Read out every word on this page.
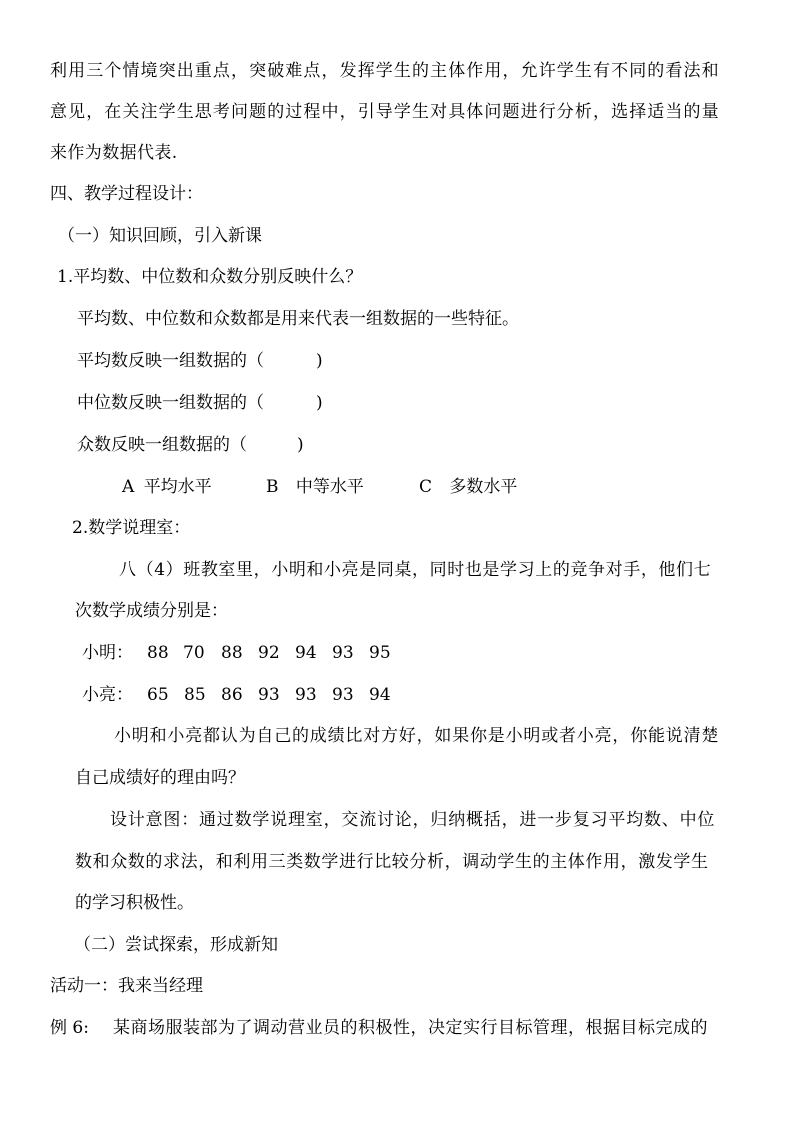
利用三个情境突出重点，突破难点，发挥学生的主体作用，允许学生有不同的看法和
意见，在关注学生思考问题的过程中，引导学生对具体问题进行分析，选择适当的量
来作为数据代表.
四、教学过程设计：
（一）知识回顾，引入新课
1.平均数、中位数和众数分别反映什么？
平均数、中位数和众数都是用来代表一组数据的一些特征。
平均数反映一组数据的（	)
中位数反映一组数据的（	)
众数反映一组数据的（	)
A 平均水平	B 中等水平	C 多数水平
2.数学说理室：
八（4）班教室里，小明和小亮是同桌，同时也是学习上的竞争对手，他们七
次数学成绩分别是：
小明： 88 70 88 92 94 93 95
小亮： 65 85 86 93 93 93 94
小明和小亮都认为自己的成绩比对方好，如果你是小明或者小亮，你能说清楚
自己成绩好的理由吗？
设计意图：通过数学说理室，交流讨论，归纳概括，进一步复习平均数、中位
数和众数的求法，和利用三类数学进行比较分析，调动学生的主体作用，激发学生
的学习积极性。
（二）尝试探索，形成新知
活动一：我来当经理
例 6: 某商场服装部为了调动营业员的积极性，决定实行目标管理，根据目标完成的
